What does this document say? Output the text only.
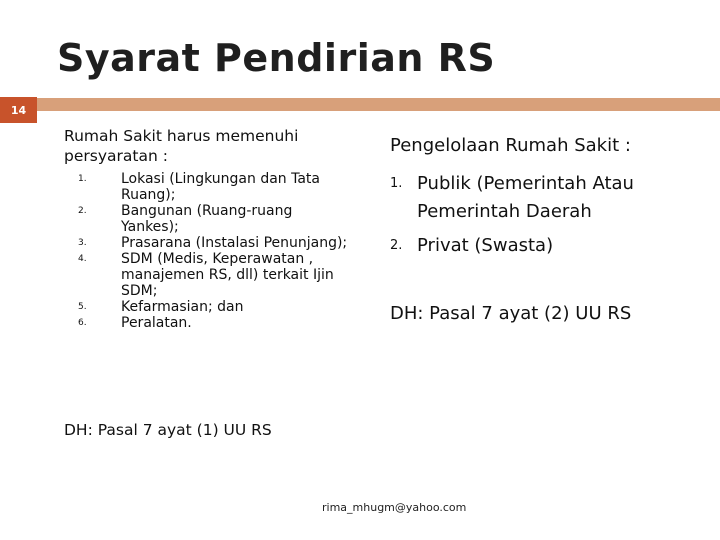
Syarat Pendirian RS
14
Rumah Sakit harus memenuhi persyaratan :
1.	Lokasi (Lingkungan dan Tata Ruang);
2.	Bangunan (Ruang-ruang Yankes);
3.	Prasarana (Instalasi Penunjang);
4.	SDM (Medis, Keperawatan , manajemen RS, dll) terkait Ijin SDM;
5.	Kefarmasian; dan
6.	Peralatan.
DH: Pasal 7 ayat (1) UU RS
Pengelolaan Rumah Sakit :
1. Publik (Pemerintah Atau Pemerintah Daerah
2. Privat (Swasta)
DH: Pasal 7 ayat (2) UU RS
rima_mhugm@yahoo.com
